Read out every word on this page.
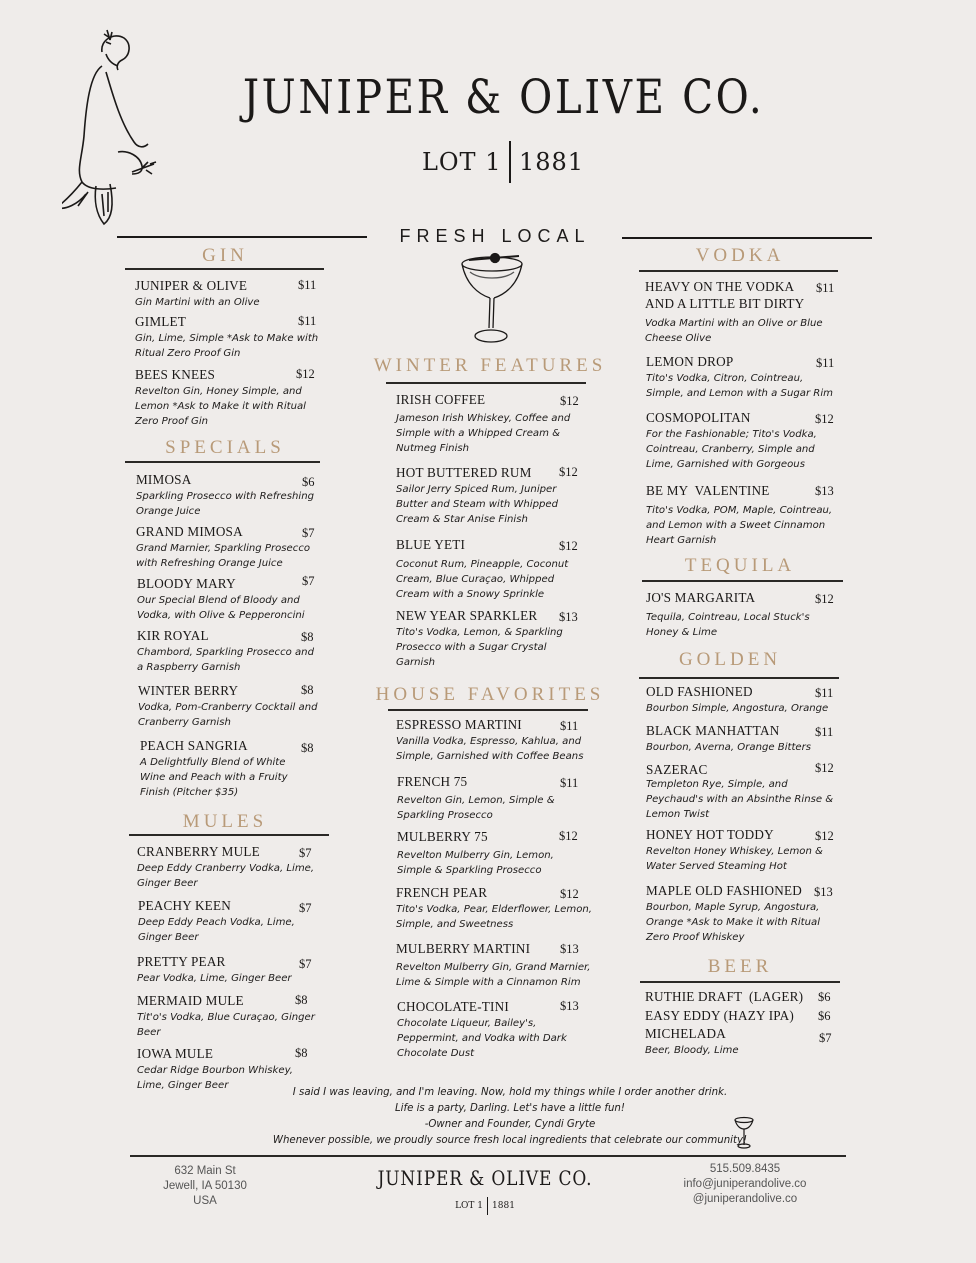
JUNIPER & OLIVE CO.
LOT 1 1881
FRESH LOCAL
GIN
JUNIPER & OLIVE	$11
Gin Martini with an Olive
GIMLET	$11
Gin, Lime, Simple *Ask to Make with Ritual Zero Proof Gin
BEES KNEES	$12
Revelton Gin, Honey Simple, and Lemon *Ask to Make it with Ritual Zero Proof Gin
SPECIALS
MIMOSA	$6
Sparkling Prosecco with Refreshing Orange Juice
GRAND MIMOSA	$7
Grand Marnier, Sparkling Prosecco with Refreshing Orange Juice
BLOODY MARY	$7
Our Special Blend of Bloody and Vodka, with Olive & Pepperoncini
KIR ROYAL	$8
Chambord, Sparkling Prosecco and a Raspberry Garnish
WINTER BERRY	$8
Vodka, Pom-Cranberry Cocktail and Cranberry Garnish
PEACH SANGRIA	$8
A Delightfully Blend of White Wine and Peach with a Fruity Finish (Pitcher $35)
MULES
CRANBERRY MULE	$7
Deep Eddy Cranberry Vodka, Lime, Ginger Beer
PEACHY KEEN	$7
Deep Eddy Peach Vodka, Lime, Ginger Beer
PRETTY PEAR	$7
Pear Vodka, Lime, Ginger Beer
MERMAID MULE	$8
Tit'o's Vodka, Blue Curaçao, Ginger Beer
IOWA MULE	$8
Cedar Ridge Bourbon Whiskey, Lime, Ginger Beer
WINTER FEATURES
IRISH COFFEE	$12
Jameson Irish Whiskey, Coffee and Simple with a Whipped Cream & Nutmeg Finish
HOT BUTTERED RUM	$12
Sailor Jerry Spiced Rum, Juniper Butter and Steam with Whipped Cream & Star Anise Finish
BLUE YETI	$12
Coconut Rum, Pineapple, Coconut Cream, Blue Curaçao, Whipped Cream with a Snowy Sprinkle
NEW YEAR SPARKLER	$13
Tito's Vodka, Lemon, & Sparkling Prosecco with a Sugar Crystal Garnish
HOUSE FAVORITES
ESPRESSO MARTINI	$11
Vanilla Vodka, Espresso, Kahlua, and Simple, Garnished with Coffee Beans
FRENCH 75	$11
Revelton Gin, Lemon, Simple & Sparkling Prosecco
MULBERRY 75	$12
Revelton Mulberry Gin, Lemon, Simple & Sparkling Prosecco
FRENCH PEAR	$12
Tito's Vodka, Pear, Elderflower, Lemon, Simple, and Sweetness
MULBERRY MARTINI	$13
Revelton Mulberry Gin, Grand Marnier, Lime & Simple with a Cinnamon Rim
CHOCOLATE-TINI	$13
Chocolate Liqueur, Bailey's, Peppermint, and Vodka with Dark Chocolate Dust
VODKA
HEAVY ON THE VODKA
AND A LITTLE BIT DIRTY
$11
Vodka Martini with an Olive or Blue Cheese Olive
LEMON DROP	$11
Tito's Vodka, Citron, Cointreau, Simple, and Lemon with a Sugar Rim
COSMOPOLITAN	$12
For the Fashionable; Tito's Vodka, Cointreau, Cranberry, Simple and Lime, Garnished with Gorgeous
BE MY  VALENTINE	$13
Tito's Vodka, POM, Maple, Cointreau, and Lemon with a Sweet Cinnamon Heart Garnish
TEQUILA
JO'S MARGARITA	$12
Tequila, Cointreau, Local Stuck's Honey & Lime
GOLDEN
OLD FASHIONED	$11
Bourbon Simple, Angostura, Orange
BLACK MANHATTAN	$11
Bourbon, Averna, Orange Bitters
SAZERAC	$12
Templeton Rye, Simple, and Peychaud's with an Absinthe Rinse & Lemon Twist
HONEY HOT TODDY	$12
Revelton Honey Whiskey, Lemon & Water Served Steaming Hot
MAPLE OLD FASHIONED $13
Bourbon, Maple Syrup, Angostura, Orange *Ask to Make it with Ritual Zero Proof Whiskey
BEER
RUTHIE DRAFT  (LAGER)	$6
EASY EDDY (HAZY IPA)	$6
MICHELADA	$7
Beer, Bloody, Lime
I said I was leaving, and I'm leaving. Now, hold my things while I order another drink.
Life is a party, Darling. Let's have a little fun!
-Owner and Founder, Cyndi Gryte
Whenever possible, we proudly source fresh local ingredients that celebrate our community!
632 Main St
Jewell, IA 50130
USA
JUNIPER & OLIVE CO.
LOT 1 1881
515.509.8435
info@juniperandolive.co
@juniperandolive.co
